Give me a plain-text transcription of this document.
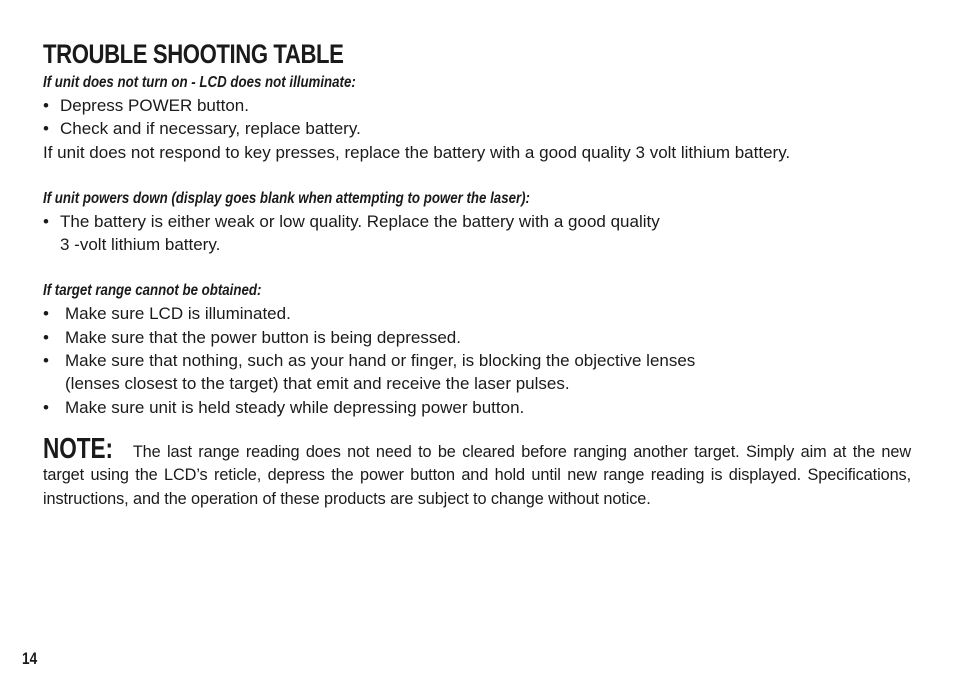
TROUBLE SHOOTING TABLE

If unit does not turn on - LCD does not illuminate:

• Depress POWER button.
• Check and if necessary, replace battery.

If unit does not respond to key presses, replace the battery with a good quality 3 volt lithium battery.

If unit powers down (display goes blank when attempting to power the laser):

• The battery is either weak or low quality. Replace the battery with a good quality

3 -volt lithium battery.

If target range cannot be obtained:

• Make sure LCD is illuminated.
• Make sure that the power button is being depressed.
• Make sure that nothing, such as your hand or finger, is blocking the objective lenses

(lenses closest to the target) that emit and receive the laser pulses.

• Make sure unit is held steady while depressing power button.

NOTE: The last range reading does not need to be cleared before ranging another target. Simply aim at the new target using the LCD’s reticle, depress the power button and hold until new range reading is displayed. Specifications, instructions, and the operation of these products are subject to change without notice.

14
